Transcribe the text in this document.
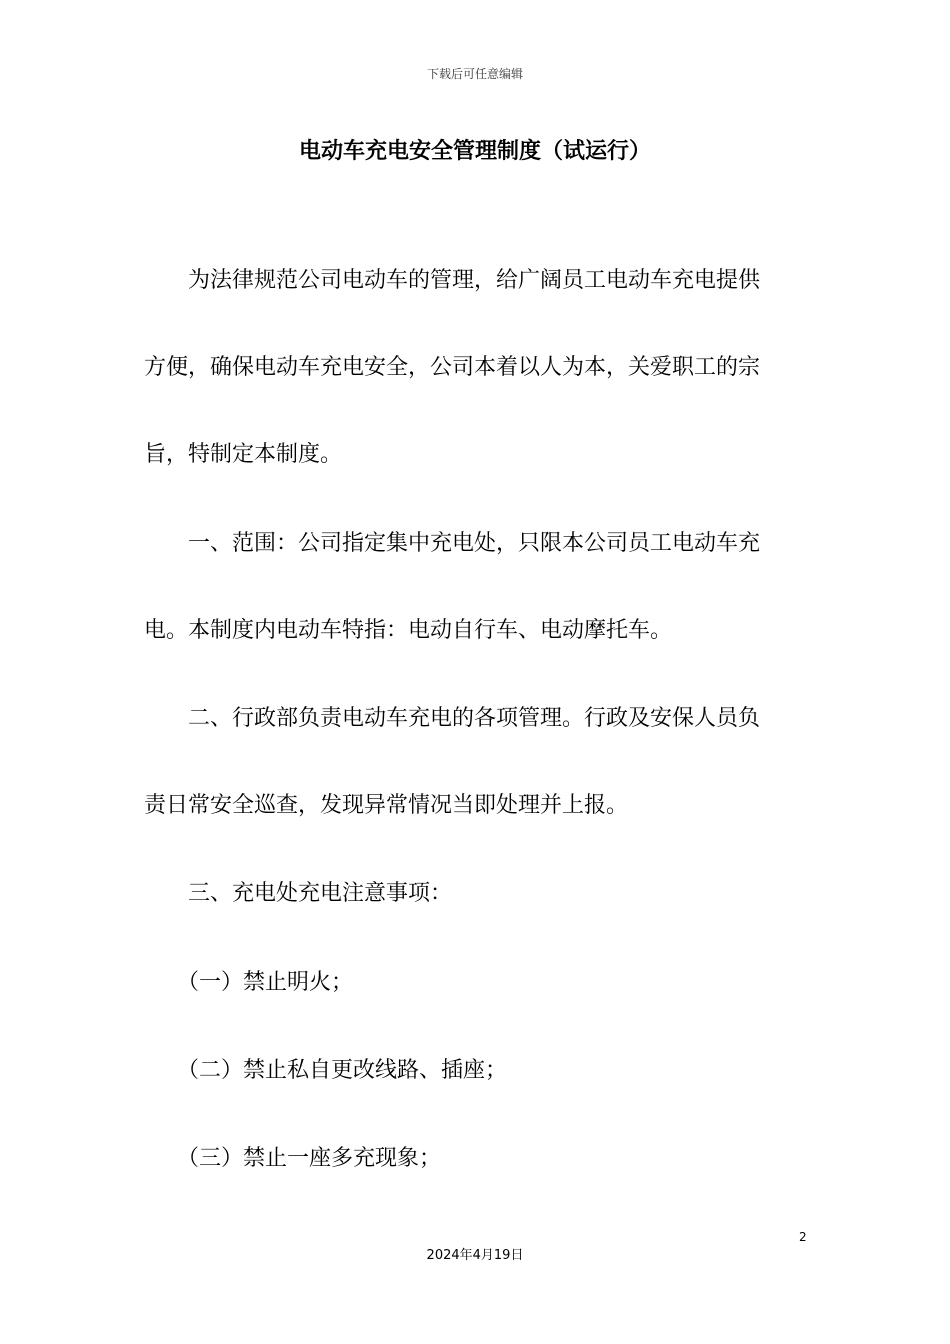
下载后可任意编辑
电动车充电安全管理制度（试运行）

　　为法律规范公司电动车的管理，给广阔员工电动车充电提供

方便，确保电动车充电安全，公司本着以人为本，关爱职工的宗

旨，特制定本制度。

　　一、范围：公司指定集中充电处，只限本公司员工电动车充

电。本制度内电动车特指：电动自行车、电动摩托车。

　　二、行政部负责电动车充电的各项管理。行政及安保人员负

责日常安全巡查，发现异常情况当即处理并上报。

　　三、充电处充电注意事项：

　　（一）禁止明火；

　　（二）禁止私自更改线路、插座；

　　（三）禁止一座多充现象；

2
2024年4月19日
